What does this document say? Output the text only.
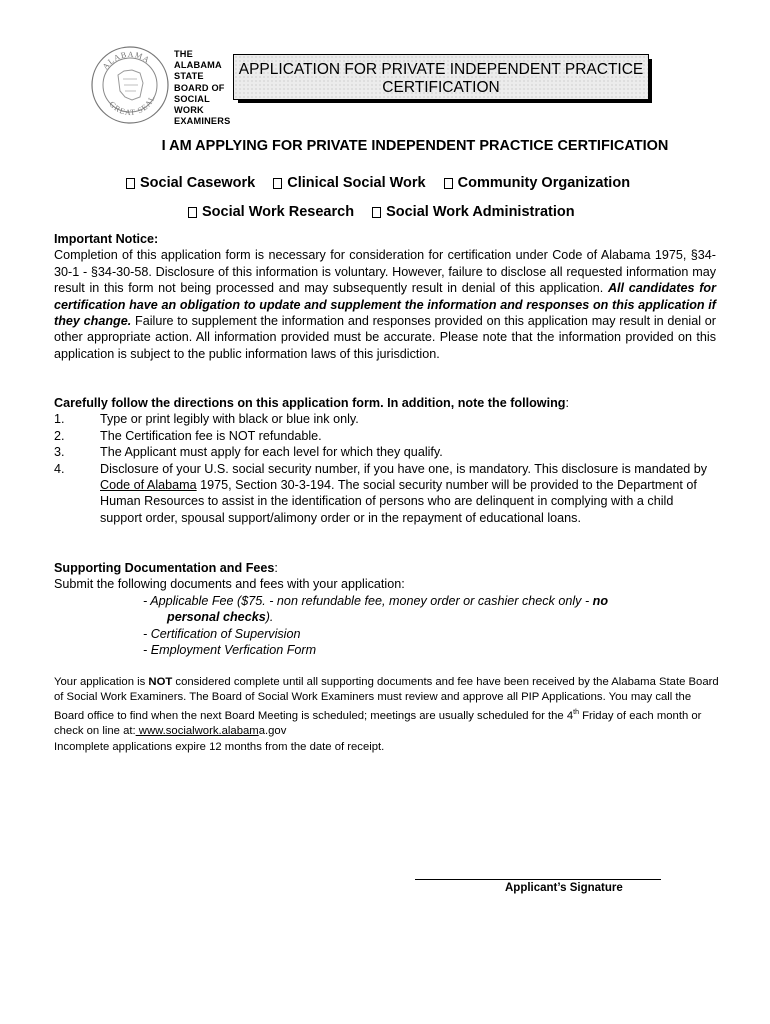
ALABAMA
GREAT SEAL
THE
ALABAMA
STATE
BOARD OF
SOCIAL
WORK
EXAMINERS
APPLICATION FOR PRIVATE INDEPENDENT PRACTICE
CERTIFICATION
I AM APPLYING FOR PRIVATE INDEPENDENT PRACTICE CERTIFICATION
Social Casework
Clinical Social Work
Community Organization
Social Work Research
Social Work Administration
Important Notice:
Completion of this application form is necessary for consideration for certification under Code of Alabama 1975, §34-30-1 - §34-30-58. Disclosure of this information is voluntary. However, failure to disclose all requested information may result in this form not being processed and may subsequently result in denial of this application. All candidates for certification have an obligation to update and supplement the information and responses on this application if they change. Failure to supplement the information and responses provided on this application may result in denial or other appropriate action. All information provided must be accurate. Please note that the information provided on this application is subject to the public information laws of this jurisdiction.
Carefully follow the directions on this application form. In addition, note the following:
1.	Type or print legibly with black or blue ink only.
2.	The Certification fee is NOT refundable.
3.	The Applicant must apply for each level for which they qualify.
4.	Disclosure of your U.S. social security number, if you have one, is mandatory. This disclosure is mandated by Code of Alabama 1975, Section 30-3-194. The social security number will be provided to the Department of Human Resources to assist in the identification of persons who are delinquent in complying with a child support order, spousal support/alimony order or in the repayment of educational loans.
Supporting Documentation and Fees:
Submit the following documents and fees with your application:
- Applicable Fee ($75. - non refundable fee, money order or cashier check only - no
personal checks).
- Certification of Supervision
- Employment Verfication Form
Your application is NOT considered complete until all supporting documents and fee have been received by the Alabama State Board of Social Work Examiners. The Board of Social Work Examiners must review and approve all PIP Applications. You may call the Board office to find when the next Board Meeting is scheduled; meetings are usually scheduled for the 4th Friday of each month or check on line at: www.socialwork.alabama.gov
Incomplete applications expire 12 months from the date of receipt.
Applicant’s Signature
